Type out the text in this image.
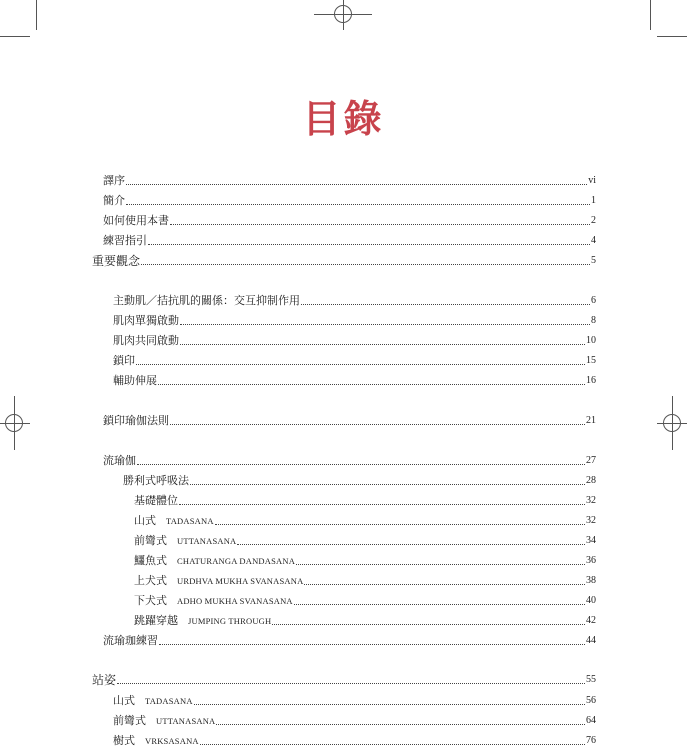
目錄
譯序	vi
簡介	1
如何使用本書	2
練習指引	4
重要觀念	5
主動肌／拮抗肌的關係：交互抑制作用	6
肌肉單獨啟動	8
肌肉共同啟動	10
鎖印	15
輔助伸展	16
鎖印瑜伽法則	21
流瑜伽	27
勝利式呼吸法	28
基礎體位	32
山式 TADASANA	32
前彎式 UTTANASANA	34
鱷魚式 CHATURANGA DANDASANA	36
上犬式 URDHVA MUKHA SVANASANA	38
下犬式 ADHO MUKHA SVANASANA	40
跳躍穿越 JUMPING THROUGH	42
流瑜珈練習	44
站姿	55
山式 TADASANA	56
前彎式 UTTANASANA	64
樹式 VRKSASANA	76
